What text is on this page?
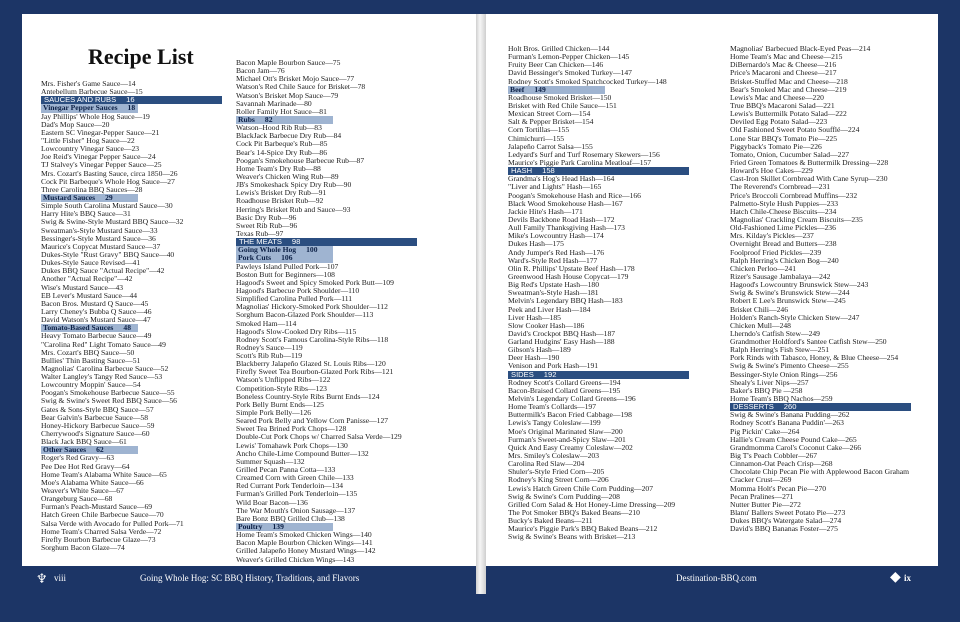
Recipe List
Mrs. Fisher's Game Sauce—14
Antebellum Barbecue Sauce—15
SAUCES AND RUBS 16
Vinegar Pepper Sauces 18
Jay Phillips' Whole Hog Sauce—19
Dad's Mop Sauce—20
Eastern SC Vinegar-Pepper Sauce—21
"Little Fisher" Hog Sauce—22
Lowcountry Vinegar Sauce—23
Joe Reid's Vinegar Pepper Sauce—24
TJ Stalvey's Vinegar Pepper Sauce—25
Mrs. Cozart's Basting Sauce, circa 1850—26
Cock Pit Barbeque's Whole Hog Sauce—27
Three Carolina BBQ Sauces—28
Mustard Sauces 29
Simple South Carolina Mustard Sauce—30
Harry Hite's BBQ Sauce—31
Swig & Swine-Style Mustard BBQ Sauce—32
Sweatman's-Style Mustard Sauce—33
Bessinger's-Style Mustard Sauce—36
Maurice's Copycat Mustard Sauce—37
Dukes-Style "Rust Gravy" BBQ Sauce—40
Dukes-Style Sauce Revised—41
Dukes BBQ Sauce "Actual Recipe"—42
Another "Actual Recipe"—42
Wise's Mustard Sauce—43
EB Lever's Mustard Sauce—44
Bacon Bros. Mustard Q Sauce—45
Larry Cheney's Bubba Q Sauce—46
David Watson's Mustard Sauce—47
Tomato-Based Sauces 48
Heavy Tomato Barbecue Sauce—49
"Carolina Red" Light Tomato Sauce—49
Mrs. Cozart's BBQ Sauce—50
Bullies' Thin Basting Sauce—51
Magnolias' Carolina Barbecue Sauce—52
Walter Langley's Tangy Red Sauce—53
Lowcountry Moppin' Sauce—54
Poogan's Smokehouse Barbecue Sauce—55
Swig & Swine's Sweet Red BBQ Sauce—56
Gates & Sons-Style BBQ Sauce—57
Bear Galvin's Barbecue Sauce—58
Honey-Hickory Barbecue Sauce—59
Cherrywood's Signature Sauce—60
Black Jack BBQ Sauce—61
Other Sauces 62
Roger's Red Gravy—63
Pee Dee Hot Red Gravy—64
Home Team's Alabama White Sauce—65
Moe's Alabama White Sauce—66
Weaver's White Sauce—67
Orangeburg Sauce—68
Furman's Peach-Mustard Sauce—69
Hatch Green Chile Barbecue Sauce—70
Salsa Verde with Avocado for Pulled Pork—71
Home Team's Charred Salsa Verde—72
Firefly Bourbon Barbecue Glaze—73
Sorghum Bacon Glaze—74
Bacon Maple Bourbon Sauce—75
Bacon Jam—76
Michael Ott's Brisket Mojo Sauce—77
Watson's Red Chile Sauce for Brisket—78
Watson's Brisket Mop Sauce—79
Savannah Marinade—80
Roller Family Hot Sauce—81
Rubs 82
Watson–Hood Rib Rub—83
BlackJack Barbecue Dry Rub—84
Cock Pit Barbeque's Rub—85
Bear's 14-Spice Dry Rub—86
Poogan's Smokehouse Barbecue Rub—87
Home Team's Dry Rub—88
Weaver's Chicken Wing Rub—89
JB's Smokeshack Spicy Dry Rub—90
Lewis's Brisket Dry Rub—91
Roadhouse Brisket Rub—92
Herring's Brisket Rub and Sauce—93
Basic Dry Rub—96
Sweet Rib Rub—96
Texas Rub—97
THE MEATS 98
Going Whole Hog 100
Pork Cuts 106
Pawleys Island Pulled Pork—107
Boston Butt for Beginners—108
Hagood's Sweet and Spicy Smoked Pork Butt—109
Hagood's Barbecue Pork Shoulder—110
Simplified Carolina Pulled Pork—111
Magnolias' Hickory-Smoked Pork Shoulder—112
Sorghum Bacon-Glazed Pork Shoulder—113
Smoked Ham—114
Hagood's Slow-Cooked Dry Ribs—115
Rodney Scott's Famous Carolina-Style Ribs—118
Rodney's Sauce—119
Scott's Rib Rub—119
Blackberry Jalapeño Glazed St. Louis Ribs—120
Firefly Sweet Tea Bourbon-Glazed Pork Ribs—121
Watson's Unflipped Ribs—122
Competition-Style Ribs—123
Boneless Country-Style Ribs Burnt Ends—124
Pork Belly Burnt Ends—125
Simple Pork Belly—126
Seared Pork Belly and Yellow Corn Panisse—127
Sweet Tea Brined Pork Chops—128
Double-Cut Pork Chops w/ Charred Salsa Verde—129
Lewis' Tomahawk Pork Chops—130
Ancho Chile-Lime Compound Butter—132
Summer Squash—132
Grilled Pecan Panna Cotta—133
Creamed Corn with Green Chile—133
Red Currant Pork Tenderloin—134
Furman's Grilled Pork Tenderloin—135
Wild Boar Bacon—136
The War Mouth's Onion Sausage—137
Bare Bonz BBQ Grilled Club—138
Poultry 139
Home Team's Smoked Chicken Wings—140
Bacon Maple Bourbon Chicken Wings—141
Grilled Jalapeño Honey Mustard Wings—142
Weaver's Grilled Chicken Wings—143
♆ viii	Going Whole Hog: SC BBQ History, Traditions, and Flavors
Holt Bros. Grilled Chicken—144
Furman's Lemon-Pepper Chicken—145
Fruity Beer Can Chicken—146
David Bessinger's Smoked Turkey—147
Rodney Scott's Smoked Spatchcocked Turkey—148
Beef 149
Roadhouse Smoked Brisket—150
Brisket with Red Chile Sauce—151
Mexican Street Corn—154
Salt & Pepper Brisket—154
Corn Tortillas—155
Chimichurri—155
Jalapeño Carrot Salsa—155
Ledyard's Surf and Turf Rosemary Skewers—156
Maurice's Piggie Park Carolina Meatloaf—157
HASH 158
Grandma's Hog's Head Hash—164
"Liver and Lights" Hash—165
Poogan's Smokehouse Hash and Rice—166
Black Wood Smokehouse Hash—167
Jackie Hite's Hash—171
Devils Backbone Road Hash—172
Aull Family Thanksgiving Hash—173
Mike's Lowcountry Hash—174
Dukes Hash—175
Andy Jumper's Red Hash—176
Ward's-Style Red Hash—177
Olin R. Phillips' Upstate Beef Hash—178
Greenwood Hash House Copycat—179
Big Red's Upstate Hash—180
Sweatman's-Style Hash—181
Melvin's Legendary BBQ Hash—183
Peek and Liver Hash—184
Liver Hash—185
Slow Cooker Hash—186
David's Crockpot BBQ Hash—187
Garland Hudgins' Easy Hash—188
Gibson's Hash—189
Deer Hash—190
Venison and Pork Hash—191
SIDES 192
Rodney Scott's Collard Greens—194
Bacon-Braised Collard Greens—195
Melvin's Legendary Collard Greens—196
Home Team's Collards—197
Buttermilk's Bacon Fried Cabbage—198
Lewis's Tangy Coleslaw—199
Moe's Original Marinated Slaw—200
Furman's Sweet-and-Spicy Slaw—201
Quick And Easy Creamy Coleslaw—202
Mrs. Smiley's Coleslaw—203
Carolina Red Slaw—204
Shuler's-Style Fried Corn—205
Rodney's King Street Corn—206
Lewis's Hatch Green Chile Corn Pudding—207
Swig & Swine's Corn Pudding—208
Grilled Corn Salad & Hot Honey-Lime Dressing—209
The Pot Smoker BBQ's Baked Beans—210
Bucky's Baked Beans—211
Maurice's Piggie Park's BBQ Baked Beans—212
Swig & Swine's Beans with Brisket—213
Magnolias' Barbecued Black-Eyed Peas—214
Home Team's Mac and Cheese—215
DiBernardo's Mac & Cheese—216
Price's Macaroni and Cheese—217
Brisket-Stuffed Mac and Cheese—218
Bear's Smoked Mac and Cheese—219
Lewis's Mac and Cheese—220
True BBQ's Macaroni Salad—221
Lewis's Buttermilk Potato Salad—222
Deviled Egg Potato Salad—223
Old Fashioned Sweet Potato Soufflé—224
Lone Star BBQ's Tomato Pie—225
Piggyback's Tomato Pie—226
Tomato, Onion, Cucumber Salad—227
Fried Green Tomatoes & Buttermilk Dressing—228
Howard's Hoe Cakes—229
Cast-Iron Skillet Cornbread With Cane Syrup—230
The Reverend's Cornbread—231
Price's Broccoli Cornbread Muffins—232
Palmetto-Style Hush Puppies—233
Hatch Chile-Cheese Biscuits—234
Magnolias' Crackling Cream Biscuits—235
Old-Fashioned Lime Pickles—236
Mrs. Kilday's Pickles—237
Overnight Bread and Butters—238
Foolproof Fried Pickles—239
Ralph Herring's Chicken Bog—240
Chicken Perloo—241
Rizer's Sausage Jambalaya—242
Hagood's Lowcountry Brunswick Stew—243
Swig & Swine's Brunswick Stew—244
Robert E Lee's Brunswick Stew—245
Brisket Chili—246
Holden's Ranch-Style Chicken Stew—247
Chicken Mull—248
Lherndo's Catfish Stew—249
Grandmother Holdford's Santee Catfish Stew—250
Ralph Herring's Fish Stew—251
Pork Rinds with Tabasco, Honey, & Blue Cheese—254
Swig & Swine's Pimento Cheese—255
Bessinger-Style Onion Rings—256
Shealy's Liver Nips—257
Baker's BBQ Pie —258
Home Team's BBQ Nachos—259
DESSERTS 260
Swig & Swine's Banana Pudding—262
Rodney Scott's Banana Puddin'—263
Pig Pickin' Cake—264
Hallie's Cream Cheese Pound Cake—265
Grandmomma Carol's Coconut Cake—266
Big T's Peach Cobbler—267
Cinnamon-Oat Peach Crisp—268
Chocolate Chip Pecan Pie with Applewood Bacon Graham
Cracker Crust—269
Momma Holt's Pecan Pie—270
Pecan Pralines—271
Nutter Butter Pie—272
Blanu' Ballers Sweet Potato Pie—273
Dukes BBQ's Watergate Salad—274
David's BBQ Bananas Foster—275
Destination-BBQ.com	◆ ix
